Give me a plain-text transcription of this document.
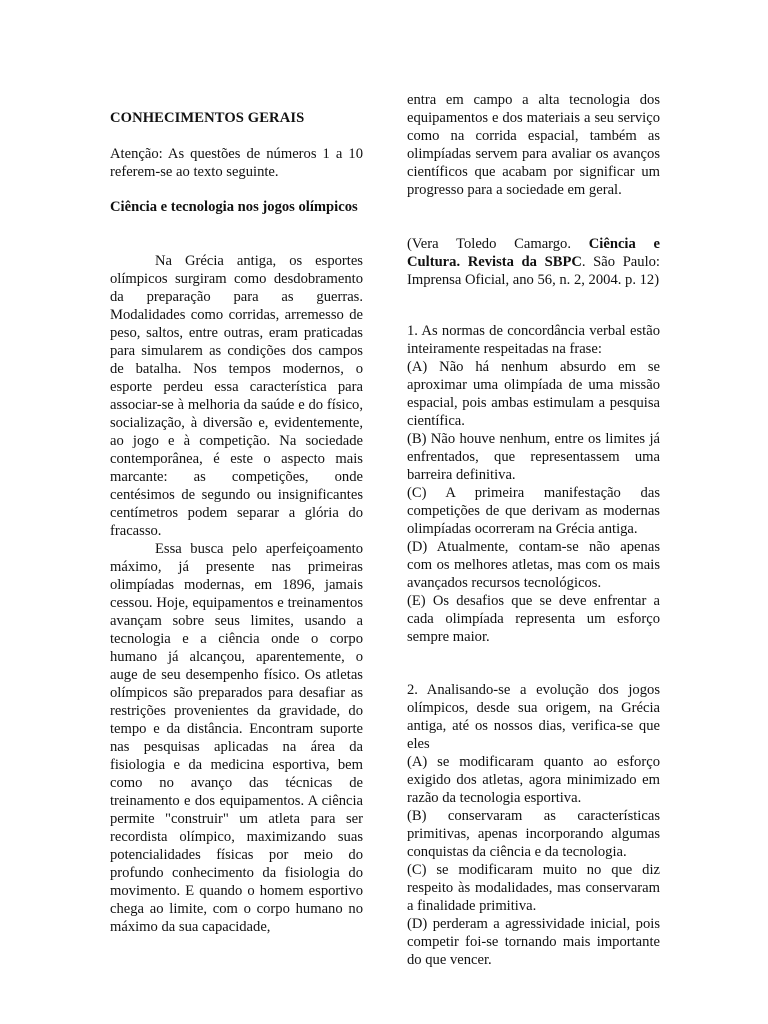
CONHECIMENTOS GERAIS

Atenção: As questões de números 1 a 10 referem-se ao texto seguinte.

Ciência e tecnologia nos jogos olímpicos

Na Grécia antiga, os esportes olímpicos surgiram como desdobramento da preparação para as guerras. Modalidades como corridas, arremesso de peso, saltos, entre outras, eram praticadas para simularem as condições dos campos de batalha. Nos tempos modernos, o esporte perdeu essa característica para associar-se à melhoria da saúde e do físico, socialização, à diversão e, evidentemente, ao jogo e à competição. Na sociedade contemporânea, é este o aspecto mais marcante: as competições, onde centésimos de segundo ou insignificantes centímetros podem separar a glória do fracasso.

Essa busca pelo aperfeiçoamento máximo, já presente nas primeiras olimpíadas modernas, em 1896, jamais cessou. Hoje, equipamentos e treinamentos avançam sobre seus limites, usando a tecnologia e a ciência onde o corpo humano já alcançou, aparentemente, o auge de seu desempenho físico. Os atletas olímpicos são preparados para desafiar as restrições provenientes da gravidade, do tempo e da distância. Encontram suporte nas pesquisas aplicadas na área da fisiologia e da medicina esportiva, bem como no avanço das técnicas de treinamento e dos equipamentos. A ciência permite "construir" um atleta para ser recordista olímpico, maximizando suas potencialidades físicas por meio do profundo conhecimento da fisiologia do movimento. E quando o homem esportivo chega ao limite, com o corpo humano no máximo da sua capacidade,

entra em campo a alta tecnologia dos equipamentos e dos materiais a seu serviço como na corrida espacial, também as olimpíadas servem para avaliar os avanços científicos que acabam por significar um progresso para a sociedade em geral.

(Vera Toledo Camargo. Ciência e Cultura. Revista da SBPC. São Paulo: Imprensa Oficial, ano 56, n. 2, 2004. p. 12)

1. As normas de concordância verbal estão inteiramente respeitadas na frase:

(A) Não há nenhum absurdo em se aproximar uma olimpíada de uma missão espacial, pois ambas estimulam a pesquisa científica.

(B) Não houve nenhum, entre os limites já enfrentados, que representassem uma barreira definitiva.

(C) A primeira manifestação das competições de que derivam as modernas olimpíadas ocorreram na Grécia antiga.

(D) Atualmente, contam-se não apenas com os melhores atletas, mas com os mais avançados recursos tecnológicos.

(E) Os desafios que se deve enfrentar a cada olimpíada representa um esforço sempre maior.

2. Analisando-se a evolução dos jogos olímpicos, desde sua origem, na Grécia antiga, até os nossos dias, verifica-se que eles

(A) se modificaram quanto ao esforço exigido dos atletas, agora minimizado em razão da tecnologia esportiva.

(B) conservaram as características primitivas, apenas incorporando algumas conquistas da ciência e da tecnologia.

(C) se modificaram muito no que diz respeito às modalidades, mas conservaram a finalidade primitiva.

(D) perderam a agressividade inicial, pois competir foi-se tornando mais importante do que vencer.
